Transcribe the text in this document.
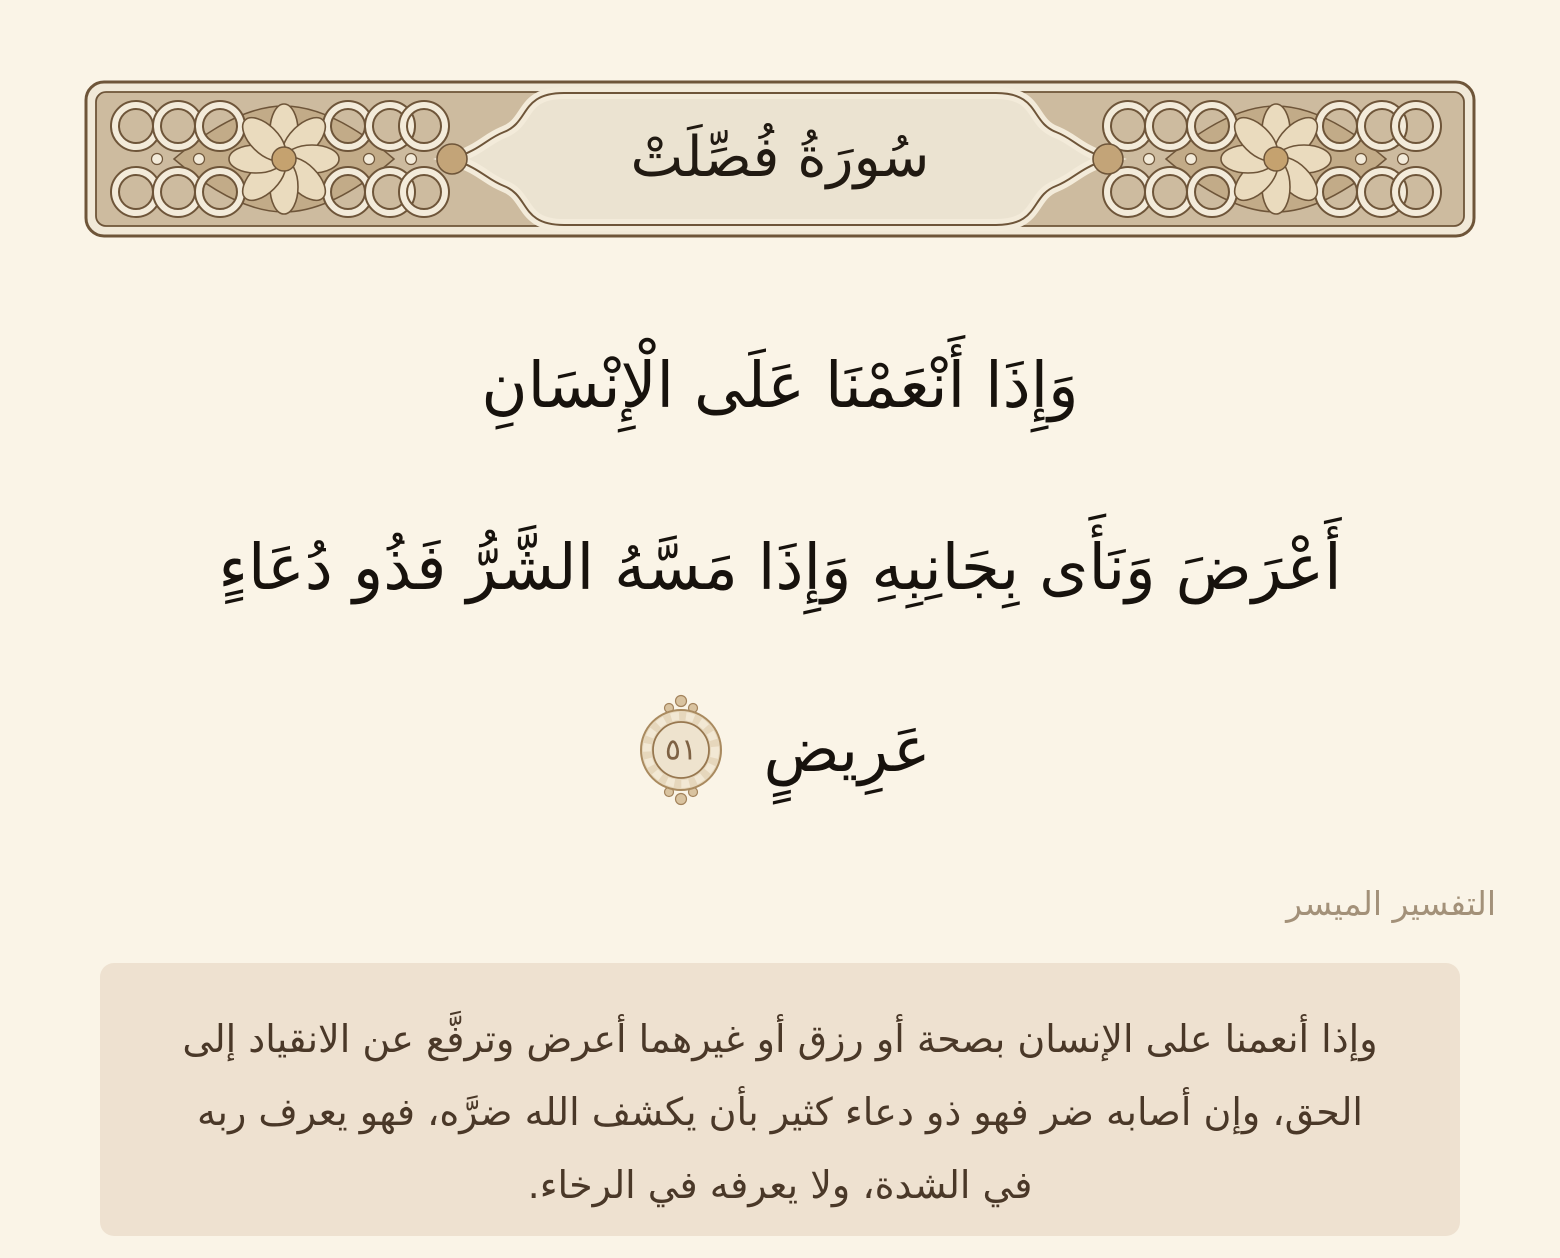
سُورَةُ فُصِّلَتْ
وَإِذَا أَنْعَمْنَا عَلَى الْإِنْسَانِ
أَعْرَضَ وَنَأَى بِجَانِبِهِ وَإِذَا مَسَّهُ الشَّرُّ فَذُو دُعَاءٍ
عَرِيضٍ
٥١
التفسير الميسر

وإذا أنعمنا على الإنسان بصحة أو رزق أو غيرهما أعرض وترفَّع عن الانقياد إلى الحق، وإن أصابه ضر فهو ذو دعاء كثير بأن يكشف الله ضرَّه، فهو يعرف ربه في الشدة، ولا يعرفه في الرخاء.
